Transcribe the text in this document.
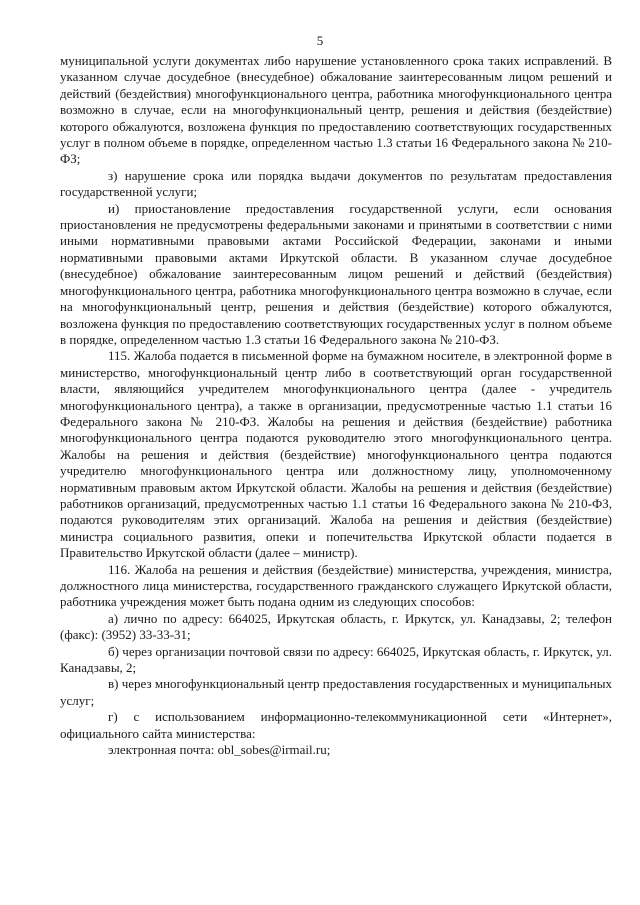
5

муниципальной услуги документах либо нарушение установленного срока таких исправлений. В указанном случае досудебное (внесудебное) обжалование заинтересованным лицом решений и действий (бездействия) многофункционального центра, работника многофункционального центра возможно в случае, если на многофункциональный центр, решения и действия (бездействие) которого обжалуются, возложена функция по предоставлению соответствующих государственных услуг в полном объеме в порядке, определенном частью 1.3 статьи 16 Федерального закона № 210-ФЗ;

з) нарушение срока или порядка выдачи документов по результатам предоставления государственной услуги;

и) приостановление предоставления государственной услуги, если основания приостановления не предусмотрены федеральными законами и принятыми в соответствии с ними иными нормативными правовыми актами Российской Федерации, законами и иными нормативными правовыми актами Иркутской области. В указанном случае досудебное (внесудебное) обжалование заинтересованным лицом решений и действий (бездействия) многофункционального центра, работника многофункционального центра возможно в случае, если на многофункциональный центр, решения и действия (бездействие) которого обжалуются, возложена функция по предоставлению соответствующих государственных услуг в полном объеме в порядке, определенном частью 1.3 статьи 16 Федерального закона № 210-ФЗ.

115. Жалоба подается в письменной форме на бумажном носителе, в электронной форме в министерство, многофункциональный центр либо в соответствующий орган государственной власти, являющийся учредителем многофункционального центра (далее - учредитель многофункционального центра), а также в организации, предусмотренные частью 1.1 статьи 16 Федерального закона № 210-ФЗ. Жалобы на решения и действия (бездействие) работника многофункционального центра подаются руководителю этого многофункционального центра. Жалобы на решения и действия (бездействие) многофункционального центра подаются учредителю многофункционального центра или должностному лицу, уполномоченному нормативным правовым актом Иркутской области. Жалобы на решения и действия (бездействие) работников организаций, предусмотренных частью 1.1 статьи 16 Федерального закона № 210-ФЗ, подаются руководителям этих организаций. Жалоба на решения и действия (бездействие) министра социального развития, опеки и попечительства Иркутской области подается в Правительство Иркутской области (далее – министр).

116. Жалоба на решения и действия (бездействие) министерства, учреждения, министра, должностного лица министерства, государственного гражданского служащего Иркутской области, работника учреждения может быть подана одним из следующих способов:

а) лично по адресу: 664025, Иркутская область, г. Иркутск, ул. Канадзавы, 2; телефон (факс): (3952) 33-33-31;

б) через организации почтовой связи по адресу: 664025, Иркутская область, г. Иркутск, ул. Канадзавы, 2;

в) через многофункциональный центр предоставления государственных и муниципальных услуг;

г) с использованием информационно-телекоммуникационной сети «Интернет», официального сайта министерства:

электронная почта: obl_sobes@irmail.ru;
